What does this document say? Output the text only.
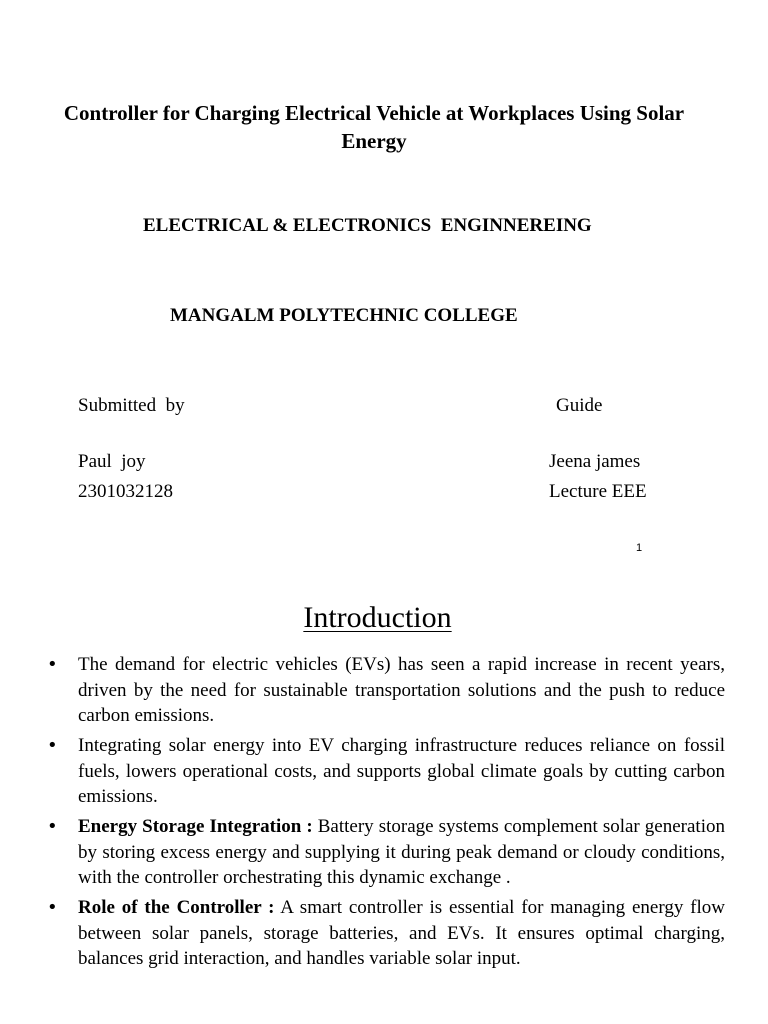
Controller for Charging Electrical Vehicle at Workplaces Using Solar Energy
ELECTRICAL & ELECTRONICS  ENGINNEREING
MANGALM POLYTECHNIC COLLEGE
Submitted  by	Guide
Paul  joy	Jeena james
2301032128	Lecture EEE
1
Introduction
• The demand for electric vehicles (EVs) has seen a rapid increase in recent years, driven by the need for sustainable transportation solutions and the push to reduce carbon emissions.
• Integrating solar energy into EV charging infrastructure reduces reliance on fossil fuels, lowers operational costs, and supports global climate goals by cutting carbon emissions.
• Energy Storage Integration : Battery storage systems complement solar generation by storing excess energy and supplying it during peak demand or cloudy conditions, with the controller orchestrating this dynamic exchange .
• Role of the Controller : A smart controller is essential for managing energy flow between solar panels, storage batteries, and EVs. It ensures optimal charging, balances grid interaction, and handles variable solar input.
